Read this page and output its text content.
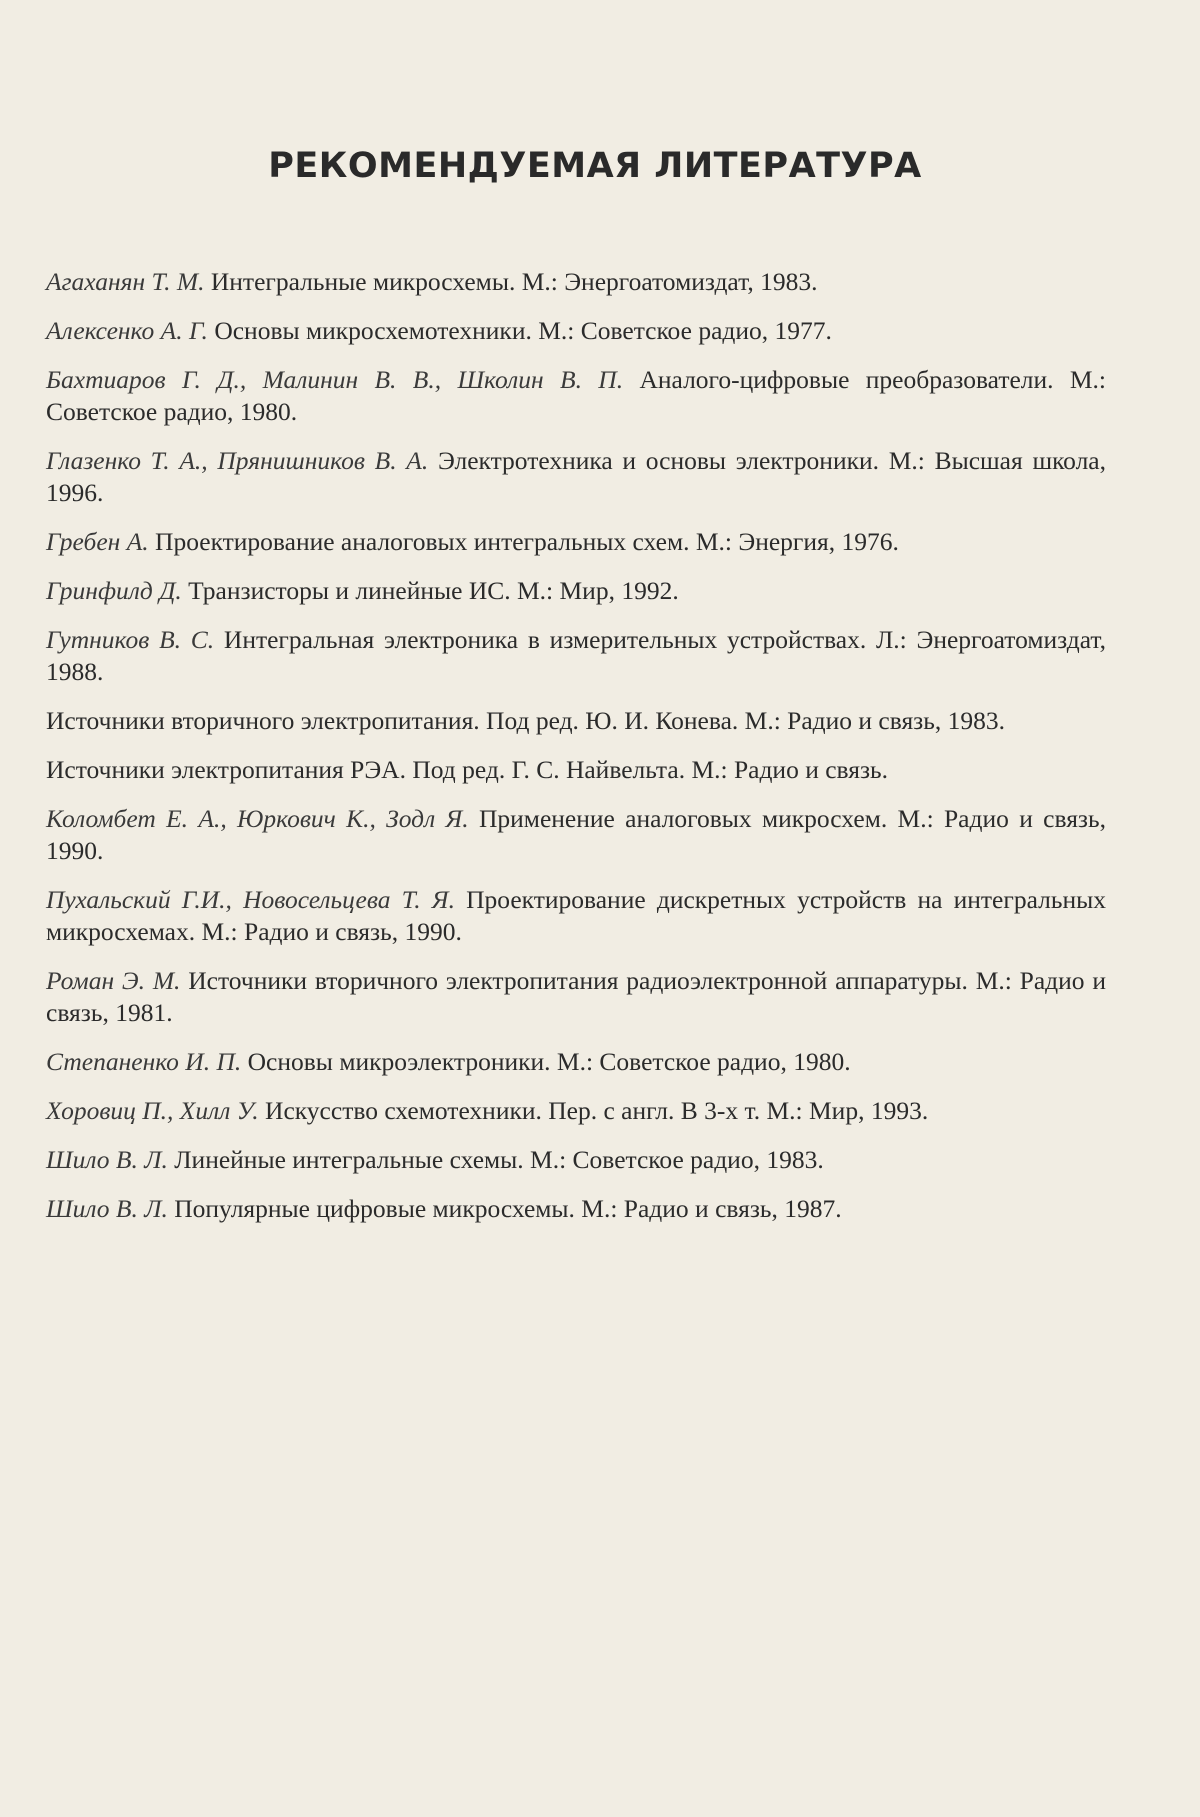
РЕКОМЕНДУЕМАЯ ЛИТЕРАТУРА
Агаханян Т. М. Интегральные микросхемы. М.: Энергоатомиздат, 1983.
Алексенко А. Г. Основы микросхемотехники. М.: Советское радио, 1977.
Бахтиаров Г. Д., Малинин В. В., Школин В. П. Аналого-цифровые преобразователи. М.: Советское радио, 1980.
Глазенко Т. А., Прянишников В. А. Электротехника и основы электроники. М.: Высшая школа, 1996.
Гребен А. Проектирование аналоговых интегральных схем. М.: Энергия, 1976.
Гринфилд Д. Транзисторы и линейные ИС. М.: Мир, 1992.
Гутников В. С. Интегральная электроника в измерительных устройствах. Л.: Энергоатомиздат, 1988.
Источники вторичного электропитания. Под ред. Ю. И. Конева. М.: Радио и связь, 1983.
Источники электропитания РЭА. Под ред. Г. С. Найвельта. М.: Радио и связь.
Коломбет Е. А., Юркович К., Зодл Я. Применение аналоговых микросхем. М.: Радио и связь, 1990.
Пухальский Г.И., Новосельцева Т. Я. Проектирование дискретных устройств на интегральных микросхемах. М.: Радио и связь, 1990.
Роман Э. М. Источники вторичного электропитания радиоэлектронной аппаратуры. М.: Радио и связь, 1981.
Степаненко И. П. Основы микроэлектроники. М.: Советское радио, 1980.
Хоровиц П., Хилл У. Искусство схемотехники. Пер. с англ. В 3-х т. М.: Мир, 1993.
Шило В. Л. Линейные интегральные схемы. М.: Советское радио, 1983.
Шило В. Л. Популярные цифровые микросхемы. М.: Радио и связь, 1987.
